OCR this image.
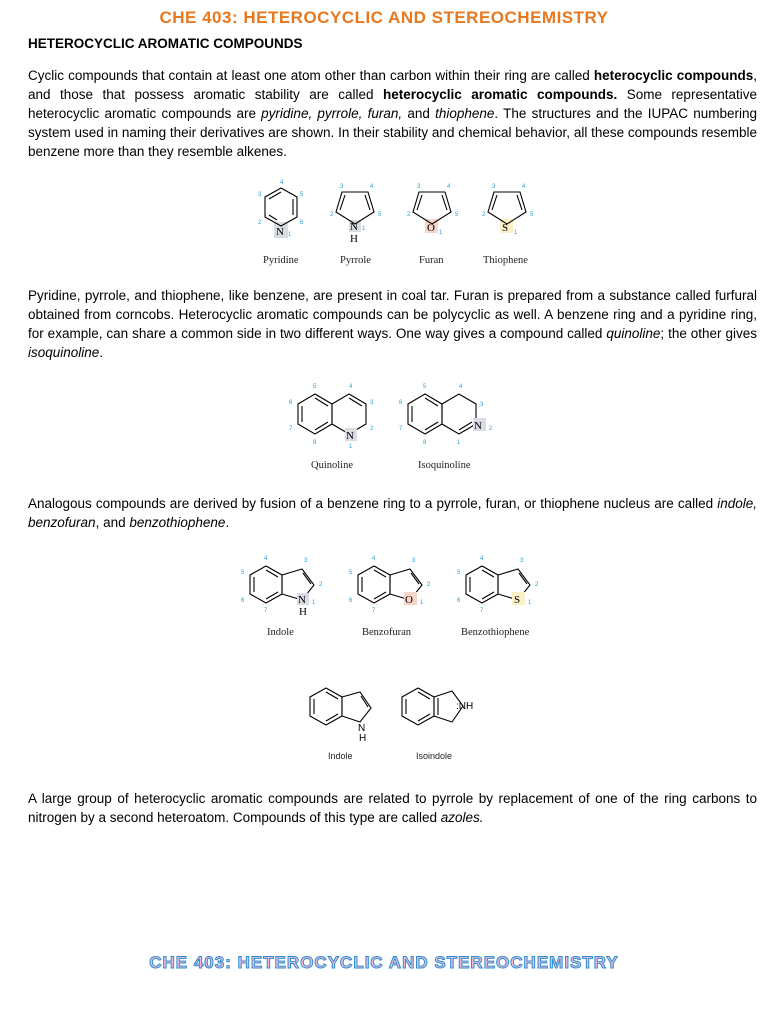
CHE 403: HETEROCYCLIC AND STEREOCHEMISTRY
HETEROCYCLIC AROMATIC COMPOUNDS

Cyclic compounds that contain at least one atom other than carbon within their ring are called heterocyclic compounds, and those that possess aromatic stability are called heterocyclic aromatic compounds. Some representative heterocyclic aromatic compounds are pyridine, pyrrole, furan, and thiophene. The structures and the IUPAC numbering system used in naming their derivatives are shown. In their stability and chemical behavior, all these compounds resemble benzene more than they resemble alkenes.

N
4
5
6
3
2
1
N
H
3	4
2	5
1	O
3	4
2	5
1	S
3	4
2	5
1
Pyridine	Pyrrole	Furan	Thiophene

Pyridine, pyrrole, and thiophene, like benzene, are present in coal tar. Furan is prepared from a substance called furfural obtained from corncobs. Heterocyclic aromatic compounds can be polycyclic as well. A benzene ring and a pyridine ring, for example, can share a common side in two different ways. One way gives a compound called quinoline; the other gives isoquinoline.

N
5	4
6	3
7	2
8
1
N
5	4
6	3
7	2
8	1
Quinoline	Isoquinoline

Analogous compounds are derived by fusion of a benzene ring to a pyrrole, furan, or thiophene nucleus are called indole, benzofuran, and benzothiophene.

N
H
4	3
5
2
6	1
7
O
4	3
5
2
6	1
7
S
4	3
5
2
6	1
7
Indole	Benzofuran	Benzothiophene
N
H
:NH
Indole	Isoindole

A large group of heterocyclic aromatic compounds are related to pyrrole by replacement of one of the ring carbons to nitrogen by a second heteroatom. Compounds of this type are called azoles.

CHE 403: HETEROCYCLIC AND STEREOCHEMISTRY
